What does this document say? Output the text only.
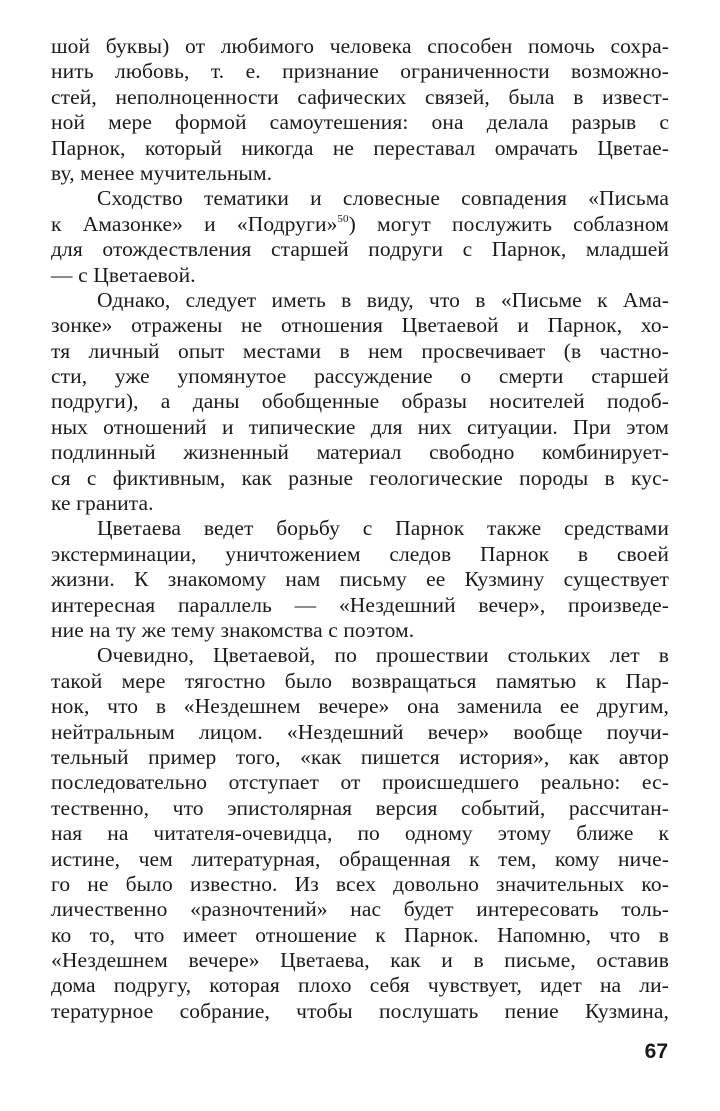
шой буквы) от любимого человека способен помочь сохра-
нить любовь, т. е. признание ограниченности возможно-
стей, неполноценности сафических связей, была в извест-
ной мере формой самоутешения: она делала разрыв с
Парнок, который никогда не переставал омрачать Цветае-
ву, менее мучительным.
Сходство тематики и словесные совпадения «Письма
к Амазонке» и «Подруги»$^{50}$) могут послужить соблазном
для отождествления старшей подруги с Парнок, младшей
— с Цветаевой.
Однако, следует иметь в виду, что в «Письме к Ама-
зонке» отражены не отношения Цветаевой и Парнок, хо-
тя личный опыт местами в нем просвечивает (в частно-
сти, уже упомянутое рассуждение о смерти старшей
подруги), а даны обобщенные образы носителей подоб-
ных отношений и типические для них ситуации. При этом
подлинный жизненный материал свободно комбинирует-
ся с фиктивным, как разные геологические породы в кус-
ке гранита.
Цветаева ведет борьбу с Парнок также средствами
экстерминации, уничтожением следов Парнок в своей
жизни. К знакомому нам письму ее Кузмину существует
интересная параллель — «Нездешний вечер», произведе-
ние на ту же тему знакомства с поэтом.
Очевидно, Цветаевой, по прошествии стольких лет в
такой мере тягостно было возвращаться памятью к Пар-
нок, что в «Нездешнем вечере» она заменила ее другим,
нейтральным лицом. «Нездешний вечер» вообще поучи-
тельный пример того, «как пишется история», как автор
последовательно отступает от происшедшего реально: ес-
тественно, что эпистолярная версия событий, рассчитан-
ная на читателя-очевидца, по одному этому ближе к
истине, чем литературная, обращенная к тем, кому ниче-
го не было известно. Из всех довольно значительных ко-
личественно «разночтений» нас будет интересовать толь-
ко то, что имеет отношение к Парнок. Напомню, что в
«Нездешнем вечере» Цветаева, как и в письме, оставив
дома подругу, которая плохо себя чувствует, идет на ли-
тературное собрание, чтобы послушать пение Кузмина,
67
